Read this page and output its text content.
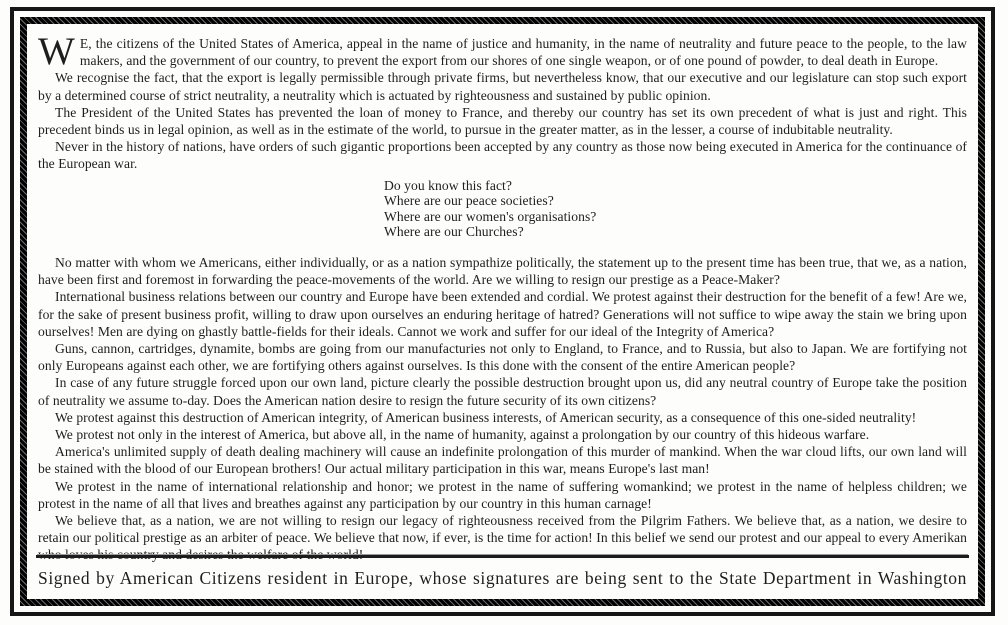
W E, the citizens of the United States of America, appeal in the name of justice and humanity, in the name of neutrality and future peace to the people, to the law makers, and the government of our country, to prevent the export from our shores of one single weapon, or of one pound of powder, to deal death in Europe.

We recognise the fact, that the export is legally permissible through private firms, but nevertheless know, that our executive and our legislature can stop such export by a determined course of strict neutrality, a neutrality which is actuated by righteousness and sustained by public opinion.

The President of the United States has prevented the loan of money to France, and thereby our country has set its own precedent of what is just and right. This precedent binds us in legal opinion, as well as in the estimate of the world, to pursue in the greater matter, as in the lesser, a course of indubitable neutrality.

Never in the history of nations, have orders of such gigantic proportions been accepted by any country as those now being executed in America for the continuance of the European war.

Do you know this fact?
Where are our peace societies?
Where are our women's organisations?
Where are our Churches?

No matter with whom we Americans, either individually, or as a nation sympathize politically, the statement up to the present time has been true, that we, as a nation, have been first and foremost in forwarding the peace-movements of the world. Are we willing to resign our prestige as a Peace-Maker?

International business relations between our country and Europe have been extended and cordial. We protest against their destruction for the benefit of a few! Are we, for the sake of present business profit, willing to draw upon ourselves an enduring heritage of hatred? Generations will not suffice to wipe away the stain we bring upon ourselves! Men are dying on ghastly battle-fields for their ideals. Cannot we work and suffer for our ideal of the Integrity of America?

Guns, cannon, cartridges, dynamite, bombs are going from our manufacturies not only to England, to France, and to Russia, but also to Japan. We are fortifying not only Europeans against each other, we are fortifying others against ourselves. Is this done with the consent of the entire American people?

In case of any future struggle forced upon our own land, picture clearly the possible destruction brought upon us, did any neutral country of Europe take the position of neutrality we assume to-day. Does the American nation desire to resign the future security of its own citizens?

We protest against this destruction of American integrity, of American business interests, of American security, as a consequence of this one-sided neutrality!

We protest not only in the interest of America, but above all, in the name of humanity, against a prolongation by our country of this hideous warfare.

America's unlimited supply of death dealing machinery will cause an indefinite prolongation of this murder of mankind. When the war cloud lifts, our own land will be stained with the blood of our European brothers! Our actual military participation in this war, means Europe's last man!

We protest in the name of international relationship and honor; we protest in the name of suffering womankind; we protest in the name of helpless children; we protest in the name of all that lives and breathes against any participation by our country in this human carnage!

We believe that, as a nation, we are not willing to resign our legacy of righteousness received from the Pilgrim Fathers. We believe that, as a nation, we desire to retain our political prestige as an arbiter of peace. We believe that now, if ever, is the time for action! In this belief we send our protest and our appeal to every Amerikan who loves his country and desires the welfare of the world!

Signed by American Citizens resident in Europe, whose signatures are being sent to the State Department in Washington
